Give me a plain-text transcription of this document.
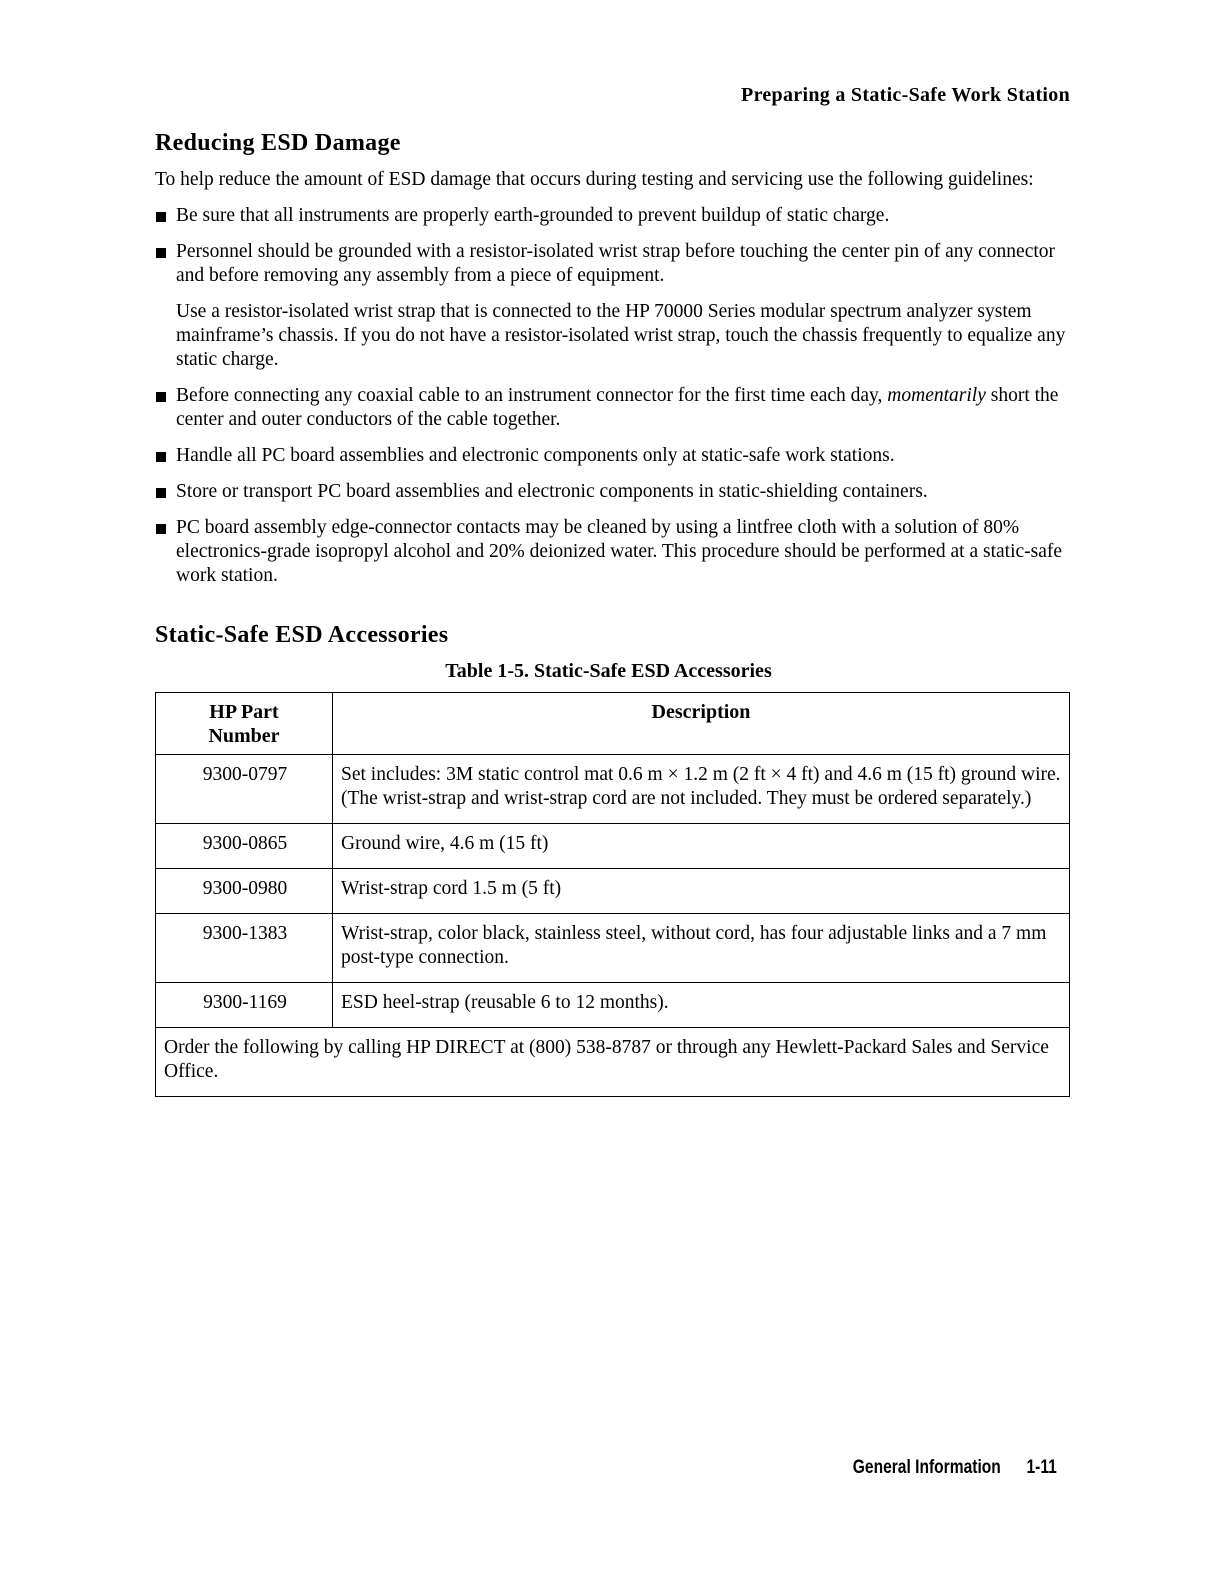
Preparing a Static-Safe Work Station
Reducing ESD Damage

To help reduce the amount of ESD damage that occurs during testing and servicing use the following guidelines:

Be sure that all instruments are properly earth-grounded to prevent buildup of static charge.
Personnel should be grounded with a resistor-isolated wrist strap before touching the center pin of any connector and before removing any assembly from a piece of equipment.

Use a resistor-isolated wrist strap that is connected to the HP 70000 Series modular spectrum analyzer system mainframe’s chassis. If you do not have a resistor-isolated wrist strap, touch the chassis frequently to equalize any static charge.

Before connecting any coaxial cable to an instrument connector for the first time each day, momentarily short the center and outer conductors of the cable together.
Handle all PC board assemblies and electronic components only at static-safe work stations.
Store or transport PC board assemblies and electronic components in static-shielding containers.
PC board assembly edge-connector contacts may be cleaned by using a lintfree cloth with a solution of 80% electronics-grade isopropyl alcohol and 20% deionized water. This procedure should be performed at a static-safe work station.
Static-Safe ESD Accessories
Table 1-5. Static-Safe ESD Accessories
HP Part
Number	Description
9300-0797	Set includes: 3M static control mat 0.6 m × 1.2 m (2 ft × 4 ft) and 4.6 m (15 ft) ground wire. (The wrist-strap and wrist-strap cord are not included. They must be ordered separately.)
9300-0865	Ground wire, 4.6 m (15 ft)
9300-0980	Wrist-strap cord 1.5 m (5 ft)
9300-1383	Wrist-strap, color black, stainless steel, without cord, has four adjustable links and a 7 mm post-type connection.
9300-1169	ESD heel-strap (reusable 6 to 12 months).
Order the following by calling HP DIRECT at (800) 538-8787 or through any Hewlett-Packard Sales and Service Office.	
General Information 1-11
